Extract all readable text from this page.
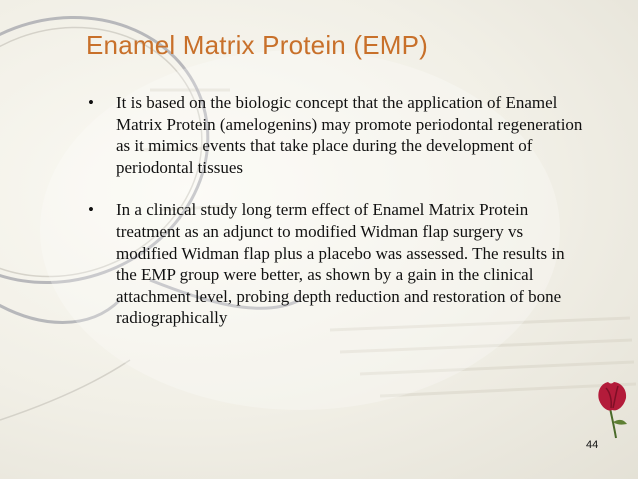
Enamel Matrix Protein (EMP)
• It is based on the biologic concept that the application of Enamel Matrix Protein (amelogenins) may promote periodontal regeneration as it mimics events that take place during the development of periodontal tissues
• In a clinical study long term effect of Enamel Matrix Protein treatment as an adjunct to modified Widman flap surgery vs modified Widman flap plus a placebo was assessed. The results in the EMP group were better, as shown by a gain in the clinical attachment level, probing depth reduction and restoration of bone radiographically
44
